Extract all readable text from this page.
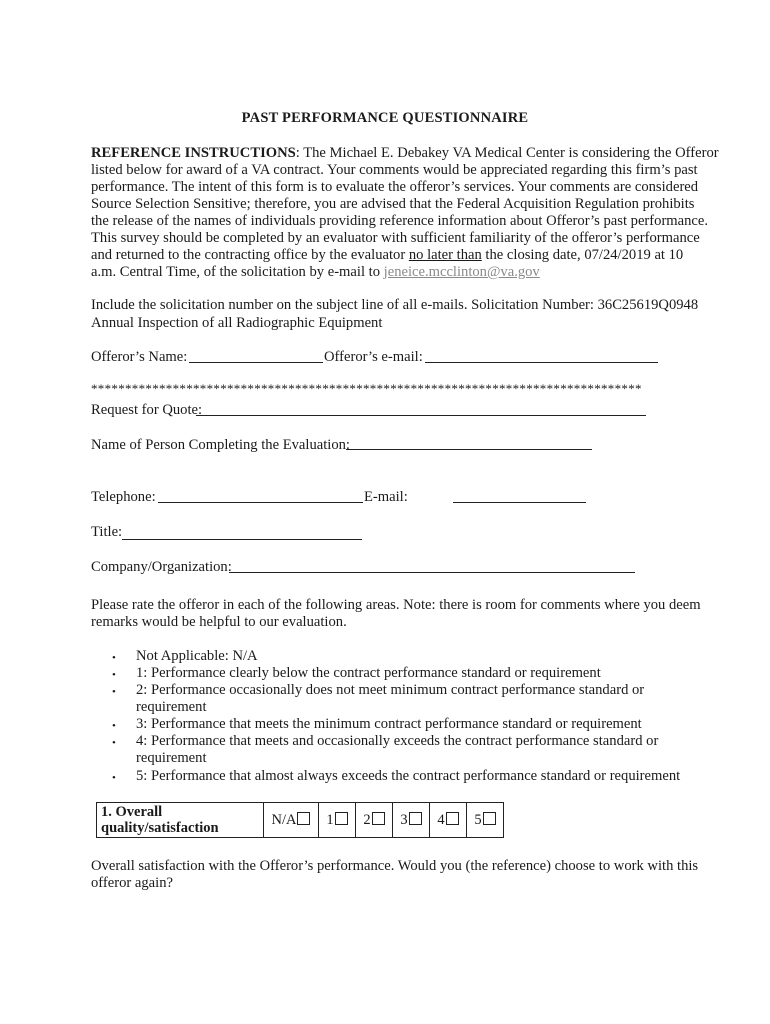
PAST PERFORMANCE QUESTIONNAIRE
REFERENCE INSTRUCTIONS: The Michael E. Debakey VA Medical Center is considering the Offeror
listed below for award of a VA contract. Your comments would be appreciated regarding this firm’s past
performance. The intent of this form is to evaluate the offeror’s services. Your comments are considered
Source Selection Sensitive; therefore, you are advised that the Federal Acquisition Regulation prohibits
the release of the names of individuals providing reference information about Offeror’s past performance.
This survey should be completed by an evaluator with sufficient familiarity of the offeror’s performance
and returned to the contracting office by the evaluator no later than the closing date, 07/24/2019 at 10
a.m. Central Time, of the solicitation by e-mail to jeneice.mcclinton@va.gov
Include the solicitation number on the subject line of all e-mails. Solicitation Number: 36C25619Q0948
Annual Inspection of all Radiographic Equipment
Offeror’s Name:	Offeror’s e-mail:
*********************************************************************************
Request for Quote:
Name of Person Completing the Evaluation:
Telephone:	E-mail:
Title:
Company/Organization:
Please rate the offeror in each of the following areas. Note: there is room for comments where you deem
remarks would be helpful to our evaluation.
• Not Applicable: N/A
• 1: Performance clearly below the contract performance standard or requirement
• 2: Performance occasionally does not meet minimum contract performance standard or
requirement
• 3: Performance that meets the minimum contract performance standard or requirement
• 4: Performance that meets and occasionally exceeds the contract performance standard or
requirement
• 5: Performance that almost always exceeds the contract performance standard or requirement
1. Overall
quality/satisfaction
	N/A	1	2	3	4	5
Overall satisfaction with the Offeror’s performance. Would you (the reference) choose to work with this
offeror again?
